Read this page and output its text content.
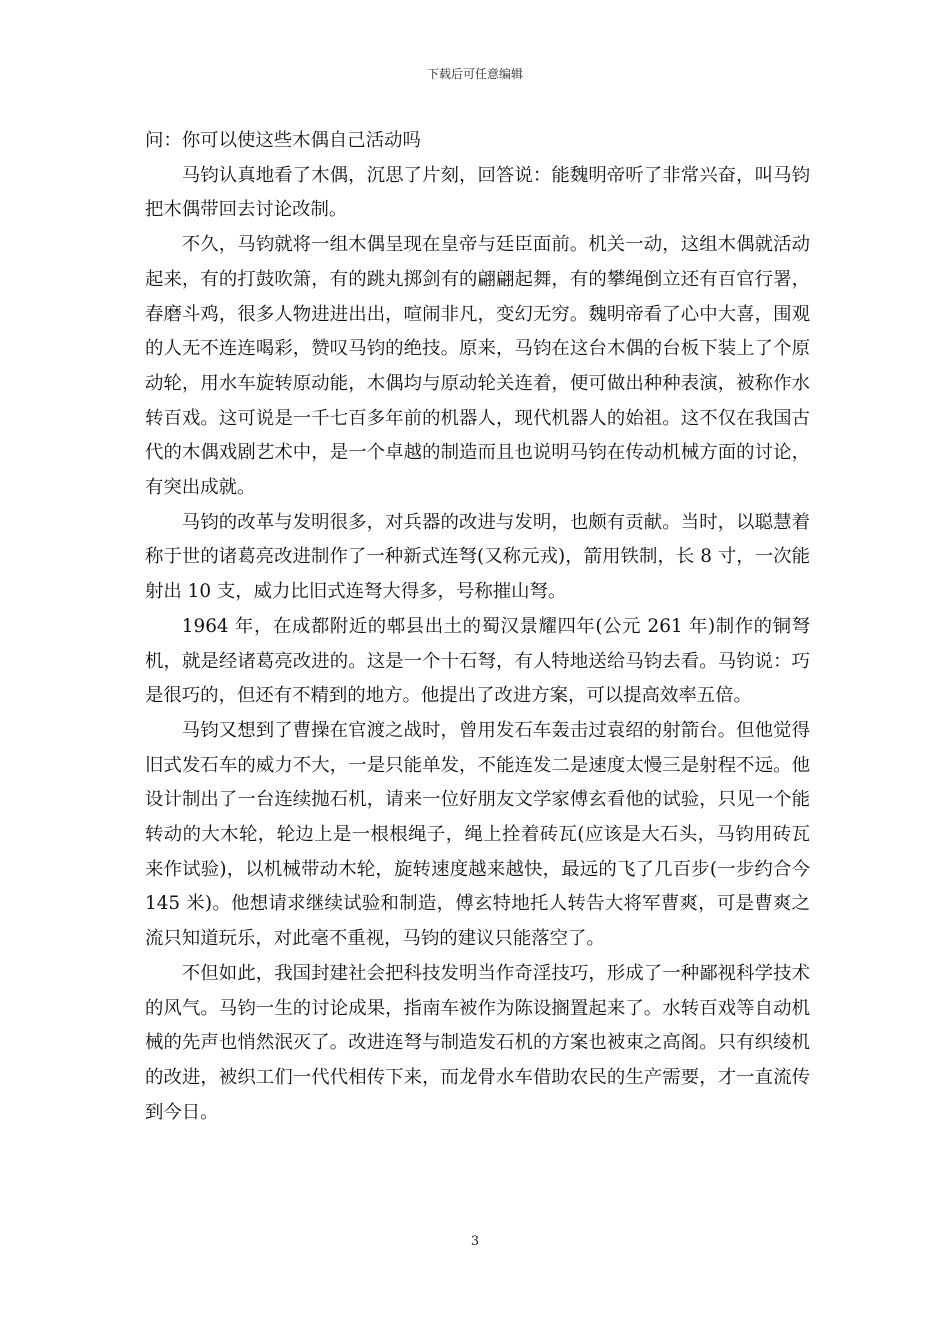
下载后可任意编辑

问：你可以使这些木偶自己活动吗

马钧认真地看了木偶，沉思了片刻，回答说：能魏明帝听了非常兴奋，叫马钧把木偶带回去讨论改制。

不久，马钧就将一组木偶呈现在皇帝与廷臣面前。机关一动，这组木偶就活动起来，有的打鼓吹箫，有的跳丸掷剑有的翩翩起舞，有的攀绳倒立还有百官行署，春磨斗鸡，很多人物进进出出，喧闹非凡，变幻无穷。魏明帝看了心中大喜，围观的人无不连连喝彩，赞叹马钧的绝技。原来，马钧在这台木偶的台板下装上了个原动轮，用水车旋转原动能，木偶均与原动轮关连着，便可做出种种表演，被称作水转百戏。这可说是一千七百多年前的机器人，现代机器人的始祖。这不仅在我国古代的木偶戏剧艺术中，是一个卓越的制造而且也说明马钧在传动机械方面的讨论，有突出成就。

马钧的改革与发明很多，对兵器的改进与发明，也颇有贡献。当时，以聪慧着称于世的诸葛亮改进制作了一种新式连弩(又称元戎)，箭用铁制，长 8 寸，一次能射出 10 支，威力比旧式连弩大得多，号称摧山弩。

1964 年，在成都附近的郫县出土的蜀汉景耀四年(公元 261 年)制作的铜弩机，就是经诸葛亮改进的。这是一个十石弩，有人特地送给马钧去看。马钧说：巧是很巧的，但还有不精到的地方。他提出了改进方案，可以提高效率五倍。

马钧又想到了曹操在官渡之战时，曾用发石车轰击过袁绍的射箭台。但他觉得旧式发石车的威力不大，一是只能单发，不能连发二是速度太慢三是射程不远。他设计制出了一台连续抛石机，请来一位好朋友文学家傅玄看他的试验，只见一个能转动的大木轮，轮边上是一根根绳子，绳上拴着砖瓦(应该是大石头，马钧用砖瓦来作试验)，以机械带动木轮，旋转速度越来越快，最远的飞了几百步(一步约合今 145 米)。他想请求继续试验和制造，傅玄特地托人转告大将军曹爽，可是曹爽之流只知道玩乐，对此毫不重视，马钧的建议只能落空了。

不但如此，我国封建社会把科技发明当作奇淫技巧，形成了一种鄙视科学技术的风气。马钧一生的讨论成果，指南车被作为陈设搁置起来了。水转百戏等自动机械的先声也悄然泯灭了。改进连弩与制造发石机的方案也被束之高阁。只有织绫机的改进，被织工们一代代相传下来，而龙骨水车借助农民的生产需要，才一直流传到今日。

3
